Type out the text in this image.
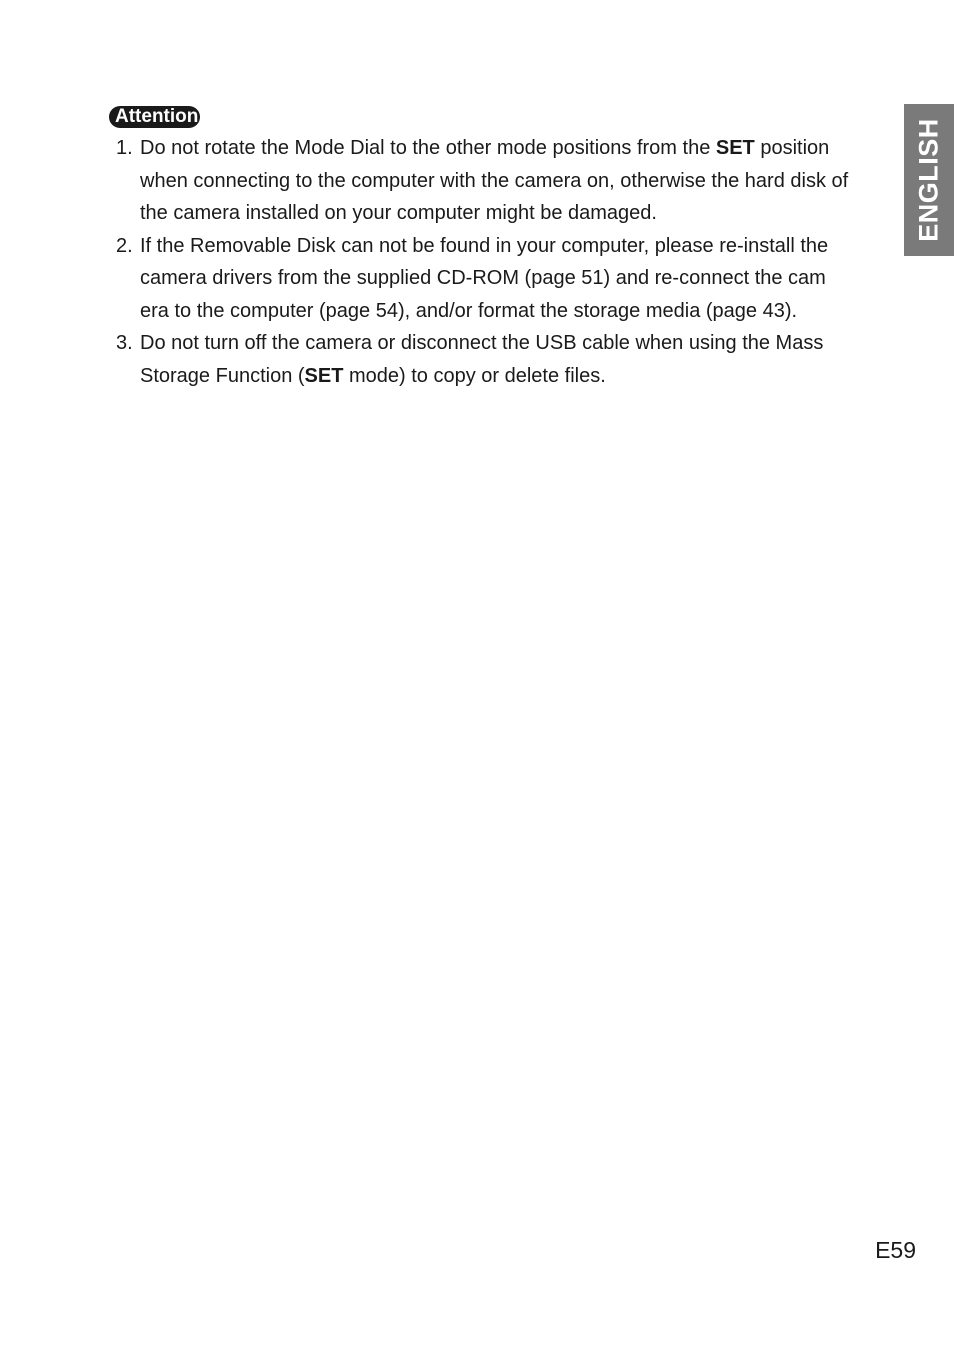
Attention
1. Do not rotate the Mode Dial to the other mode positions from the SET position when connecting to the computer with the camera on, otherwise the hard disk of the camera installed on your computer might be damaged.
2. If the Removable Disk can not be found in your computer, please re-install the camera drivers from the supplied CD-ROM (page 51) and re-connect the cam era to the computer (page 54), and/or format the storage media (page 43).
3. Do not turn off the camera or disconnect the USB cable when using the Mass Storage Function (SET mode) to copy or delete files.
ENGLISH
E59
